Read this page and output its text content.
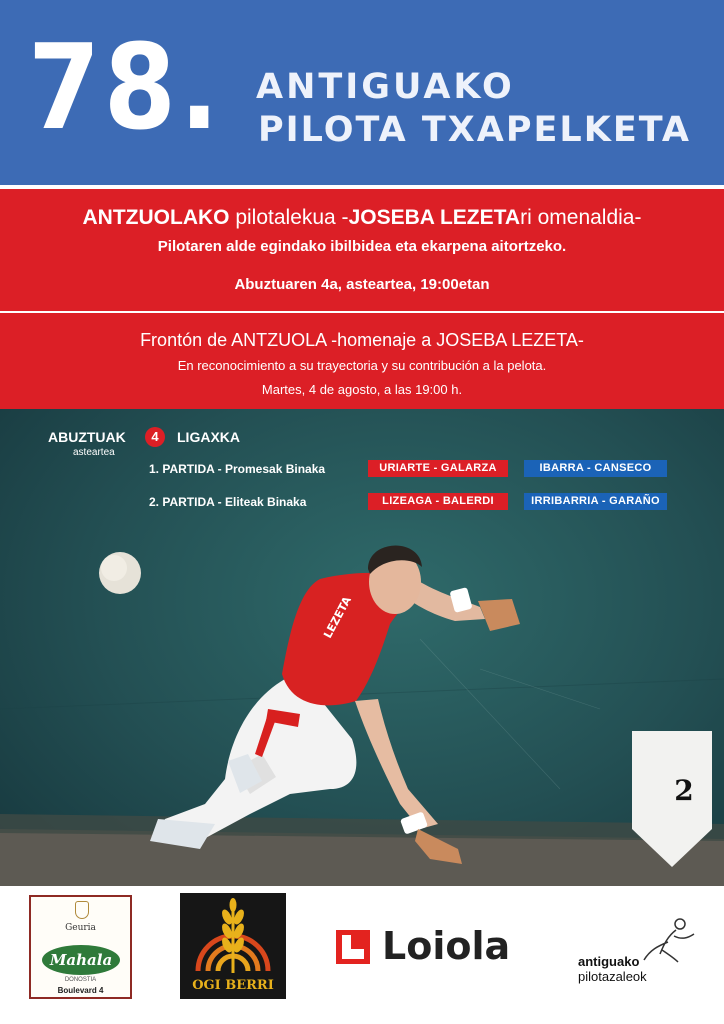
78. ANTIGUAKO
PILOTA TXAPELKETA
ANTZUOLAKO pilotalekua -JOSEBA LEZETAri omenaldia-
Pilotaren alde egindako ibilbidea eta ekarpena aitortzeko.
Abuztuaren 4a, asteartea, 19:00etan
Frontón de ANTZUOLA -homenaje a JOSEBA LEZETA-
En reconocimiento a su trayectoria y su contribución a la pelota.
Martes, 4 de agosto, a las 19:00 h.
2
LEZETA
ABUZTUAK	4
asteartea
LIGAXKA
1. PARTIDA - Promesak Binaka	URIARTE - GALARZA	IBARRA - CANSECO
2. PARTIDA - Eliteak Binaka	LIZEAGA - BALERDI	IRRIBARRIA - GARAÑO
Geuria
Mahala
DONOSTIA
Boulevard 4	OGI BERRI
Loiola	antiguako
pilotazaleok
